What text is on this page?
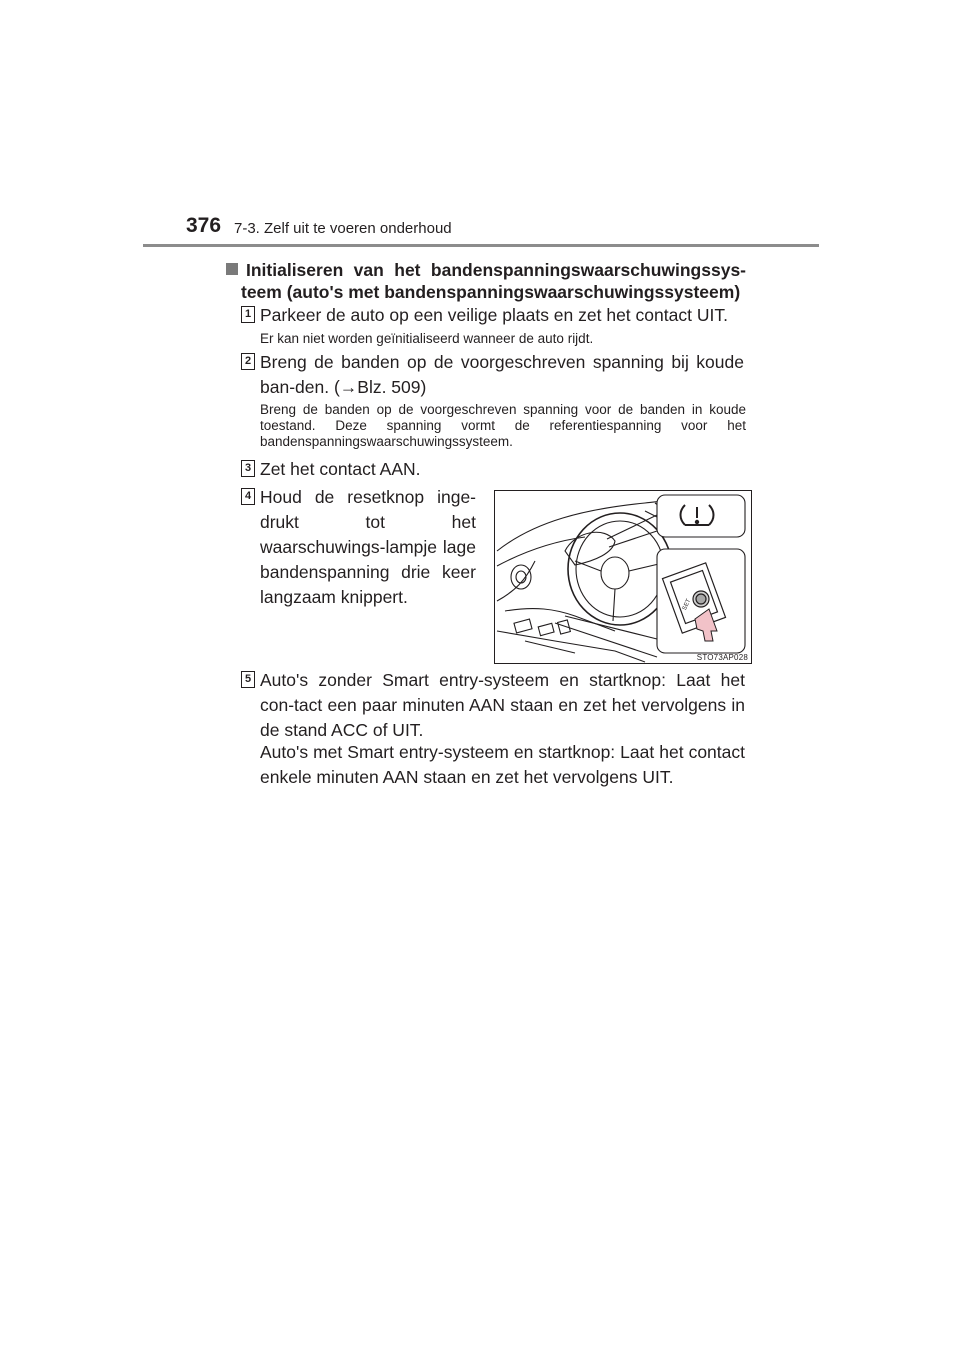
376 7-3. Zelf uit te voeren onderhoud
Initialiseren van het bandenspanningswaarschuwingssys-
teem (auto's met bandenspanningswaarschuwingssysteem)
1 Parkeer de auto op een veilige plaats en zet het contact UIT.
Er kan niet worden geïnitialiseerd wanneer de auto rijdt.
2 Breng de banden op de voorgeschreven spanning bij koude ban-den. (→Blz. 509)
Breng de banden op de voorgeschreven spanning voor de banden in koude toestand. Deze spanning vormt de referentiespanning voor het bandenspanningswaarschuwingssysteem.
3 Zet het contact AAN.
4 Houd de resetknop inge-drukt tot het waarschuwings-lampje lage bandenspanning drie keer langzaam knippert.	SET
STO73AP028
5 Auto's zonder Smart entry-systeem en startknop: Laat het con-tact een paar minuten AAN staan en zet het vervolgens in de stand ACC of UIT.
Auto's met Smart entry-systeem en startknop: Laat het contact enkele minuten AAN staan en zet het vervolgens UIT.
